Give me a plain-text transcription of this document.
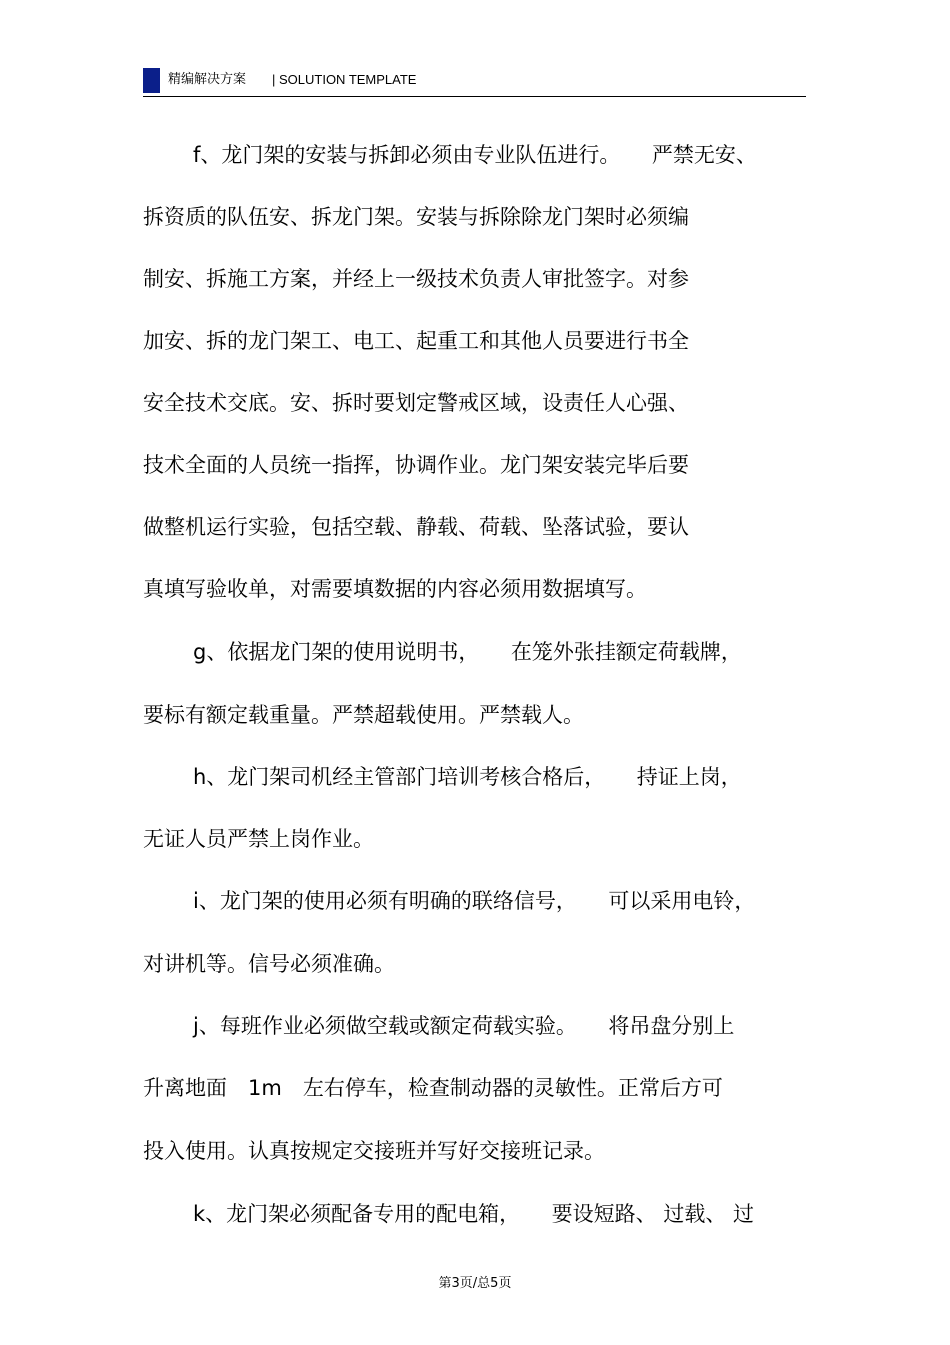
精编解决方案 | SOLUTION TEMPLATE
f、龙门架的安装与拆卸必须由专业队伍进行。　　严禁无安、
拆资质的队伍安、拆龙门架。安装与拆除除龙门架时必须编
制安、拆施工方案，并经上一级技术负责人审批签字。对参
加安、拆的龙门架工、电工、起重工和其他人员要进行书全
安全技术交底。安、拆时要划定警戒区域，设责任人心强、
技术全面的人员统一指挥，协调作业。龙门架安装完毕后要
做整机运行实验，包括空载、静载、荷载、坠落试验，要认
真填写验收单，对需要填数据的内容必须用数据填写。
g、依据龙门架的使用说明书，　　在笼外张挂额定荷载牌，
要标有额定载重量。严禁超载使用。严禁载人。
h、龙门架司机经主管部门培训考核合格后，　　持证上岗，
无证人员严禁上岗作业。
i、龙门架的使用必须有明确的联络信号，　　可以采用电铃，
对讲机等。信号必须准确。
j、每班作业必须做空载或额定荷载实验。　　将吊盘分别上
升离地面　1m　左右停车，检查制动器的灵敏性。正常后方可
投入使用。认真按规定交接班并写好交接班记录。
k、龙门架必须配备专用的配电箱，　　要设短路、 过载、 过
第3页/总5页
